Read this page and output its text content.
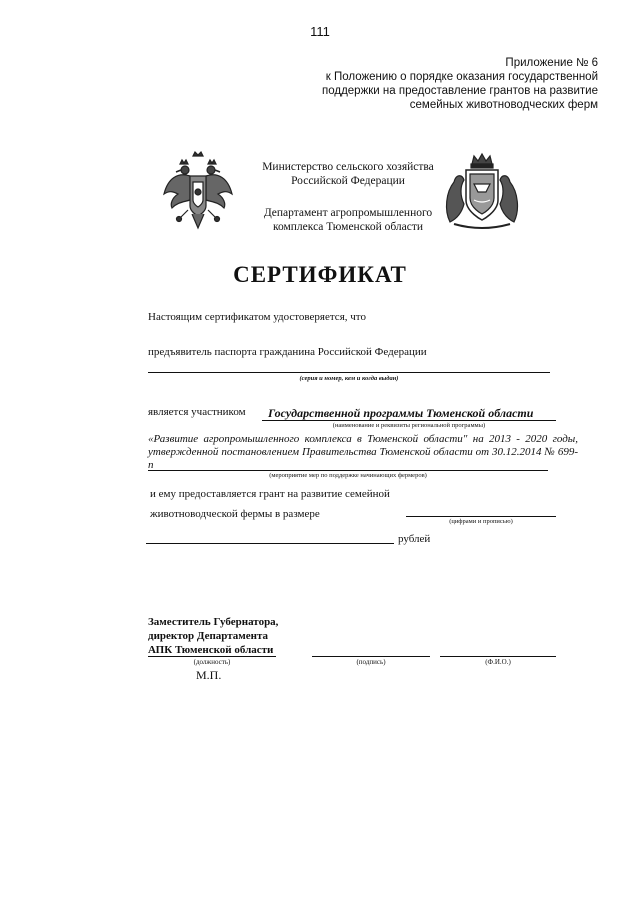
111
Приложение № 6
к Положению о порядке оказания государственной
поддержки на предоставление грантов на развитие
семейных животноводческих ферм
Министерство сельского хозяйства
Российской Федерации
Департамент агропромышленного
комплекса Тюменской области
СЕРТИФИКАТ
Настоящим сертификатом удостоверяется, что
предъявитель паспорта гражданина Российской Федерации
(серия и номер, кем и когда выдан)
является участником Государственной программы Тюменской области
(наименование и реквизиты региональной программы)
«Развитие агропромышленного комплекса в Тюменской области" на 2013 - 2020 годы, утвержденной постановлением Правительства Тюменской области от 30.12.2014 № 699-п
(мероприятие мер по поддержке начинающих фермеров)
и ему предоставляется грант на развитие семейной
животноводческой фермы в размере
(цифрами и прописью)
рублей
Заместитель Губернатора,
директор Департамента
АПК Тюменской области
(должность)	(подпись)	(Ф.И.О.)
М.П.
